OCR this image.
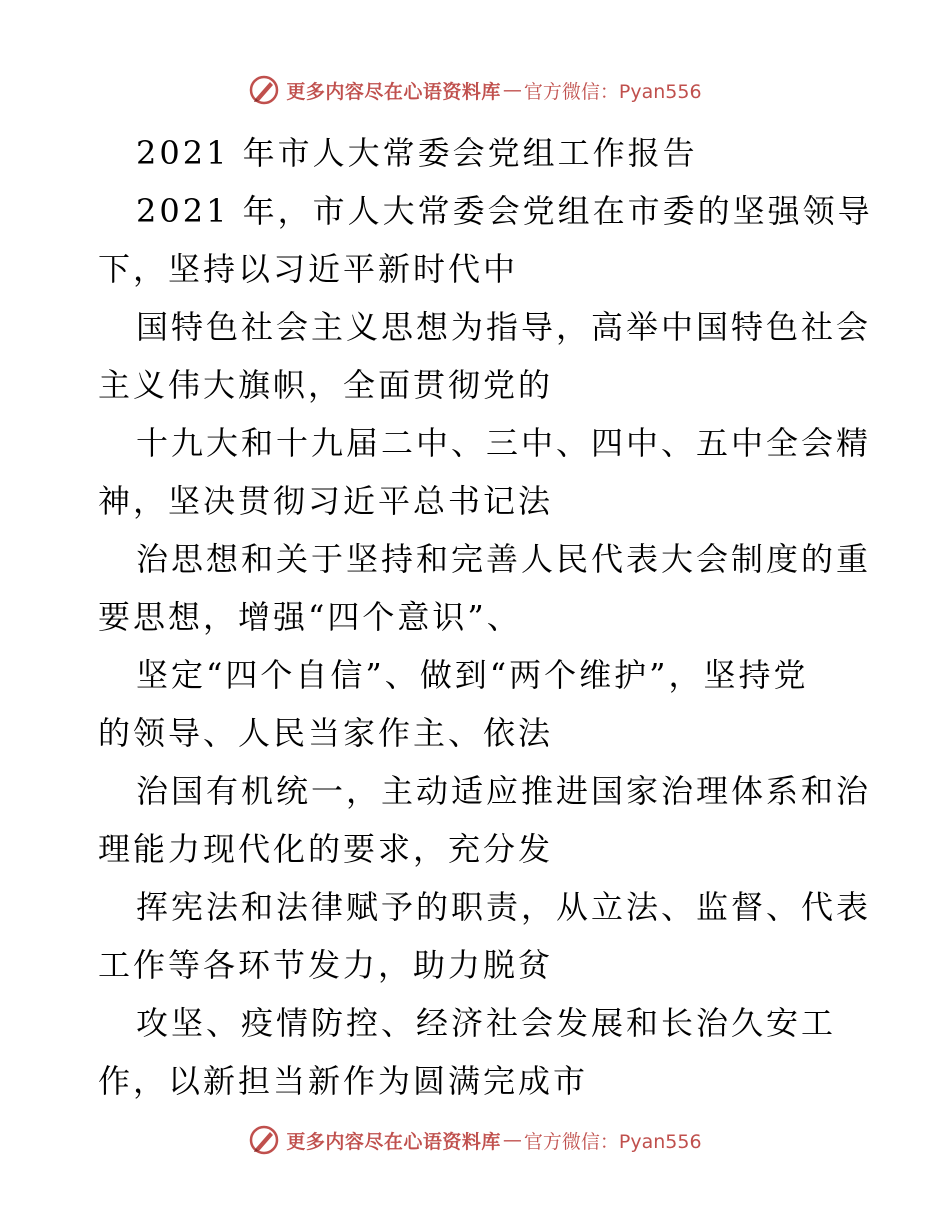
更多内容尽在心语资料库 — 官方微信：Pyan556
2021 年市人大常委会党组工作报告
2021 年，市人大常委会党组在市委的坚强领导
下，坚持以习近平新时代中
国特色社会主义思想为指导，高举中国特色社会
主义伟大旗帜，全面贯彻党的
十九大和十九届二中、三中、四中、五中全会精
神，坚决贯彻习近平总书记法
治思想和关于坚持和完善人民代表大会制度的重
要思想，增强“四个意识”、
坚定“四个自信”、做到“两个维护”，坚持党
的领导、人民当家作主、依法
治国有机统一，主动适应推进国家治理体系和治
理能力现代化的要求，充分发
挥宪法和法律赋予的职责，从立法、监督、代表
工作等各环节发力，助力脱贫
攻坚、疫情防控、经济社会发展和长治久安工
作，以新担当新作为圆满完成市
更多内容尽在心语资料库 — 官方微信：Pyan556
